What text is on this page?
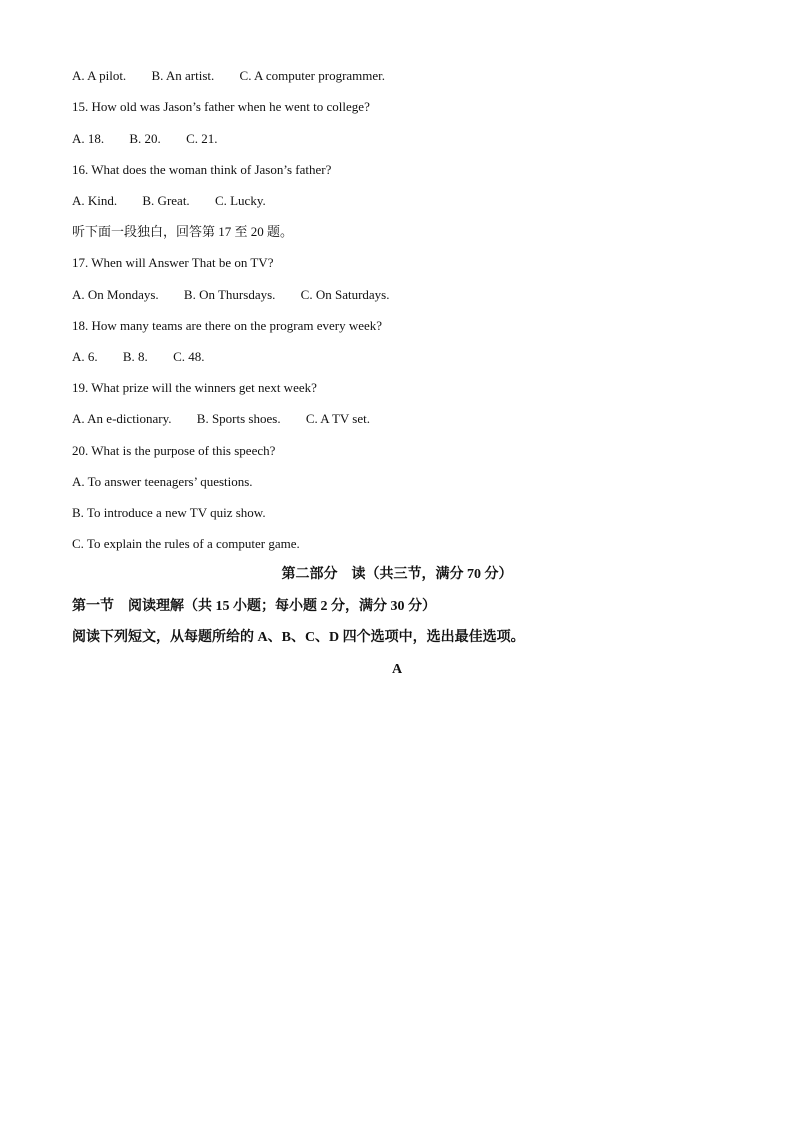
A. A pilot. B. An artist. C. A computer programmer.
15. How old was Jason’s father when he went to college?
A. 18. B. 20. C. 21.
16. What does the woman think of Jason’s father?
A. Kind. B. Great. C. Lucky.
听下面一段独白，回答第 17 至 20 题。
17. When will Answer That be on TV?
A. On Mondays. B. On Thursdays. C. On Saturdays.
18. How many teams are there on the program every week?
A. 6. B. 8. C. 48.
19. What prize will the winners get next week?
A. An e-dictionary. B. Sports shoes. C. A TV set.
20. What is the purpose of this speech?
A. To answer teenagers’ questions.
B. To introduce a new TV quiz show.
C. To explain the rules of a computer game.
第二部分　读（共三节，满分 70 分）
第一节　阅读理解（共 15 小题；每小题 2 分，满分 30 分）
阅读下列短文，从每题所给的 A、B、C、D 四个选项中，选出最佳选项。
A
